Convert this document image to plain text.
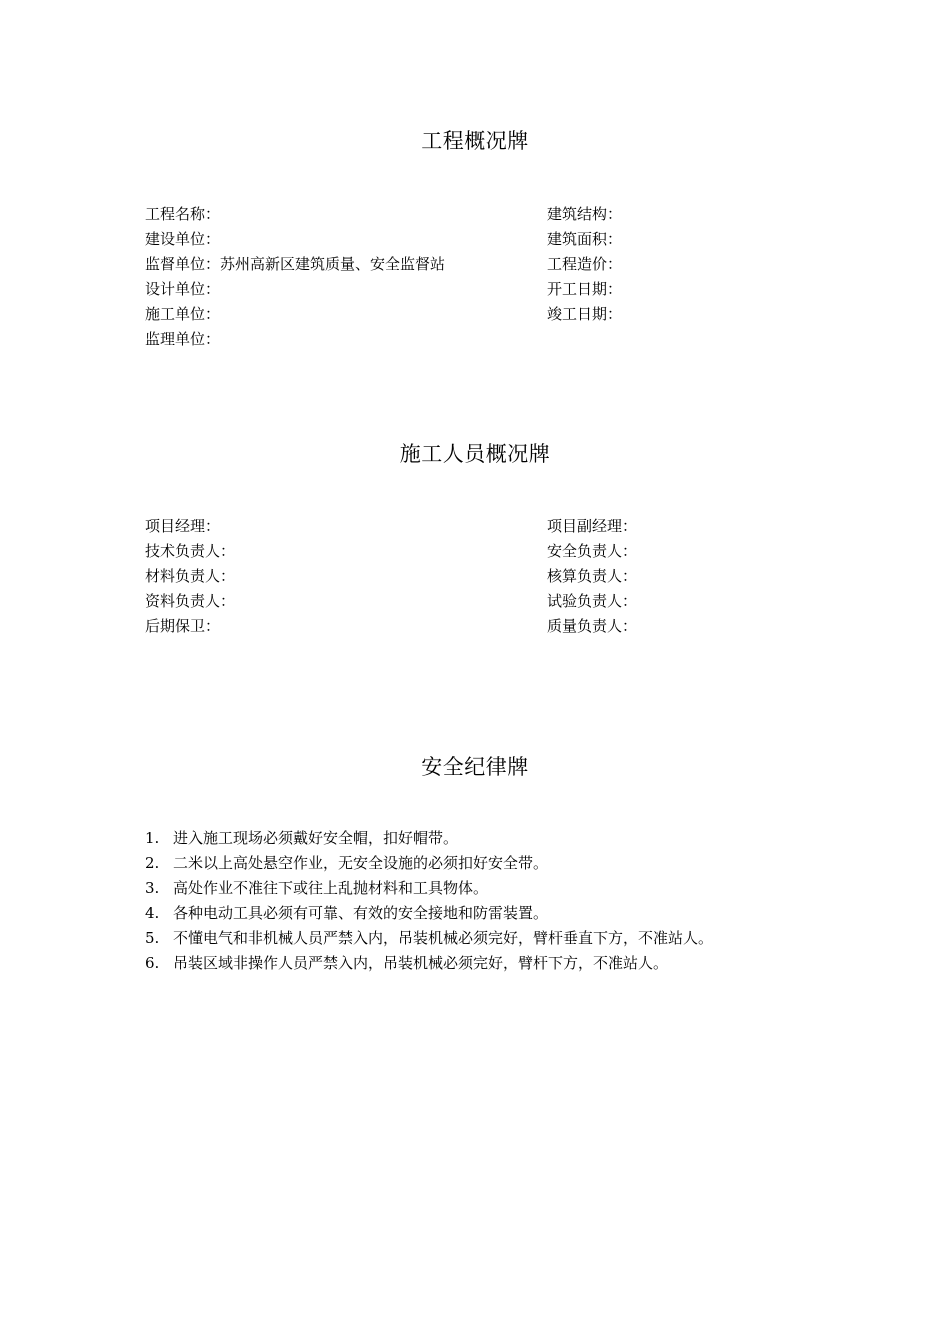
工程概况牌
工程名称：
建设单位：
监督单位：苏州高新区建筑质量、安全监督站
设计单位：
施工单位：
监理单位：
建筑结构：
建筑面积：
工程造价：
开工日期：
竣工日期：
施工人员概况牌
项目经理：
技术负责人：
材料负责人：
资料负责人：
后期保卫：
项目副经理：
安全负责人：
核算负责人：
试验负责人：
质量负责人：
安全纪律牌
1. 进入施工现场必须戴好安全帽，扣好帽带。
2. 二米以上高处悬空作业，无安全设施的必须扣好安全带。
3. 高处作业不准往下或往上乱抛材料和工具物体。
4. 各种电动工具必须有可靠、有效的安全接地和防雷装置。
5. 不懂电气和非机械人员严禁入内，吊装机械必须完好，臂杆垂直下方，不准站人。
6. 吊装区域非操作人员严禁入内，吊装机械必须完好，臂杆下方，不准站人。
